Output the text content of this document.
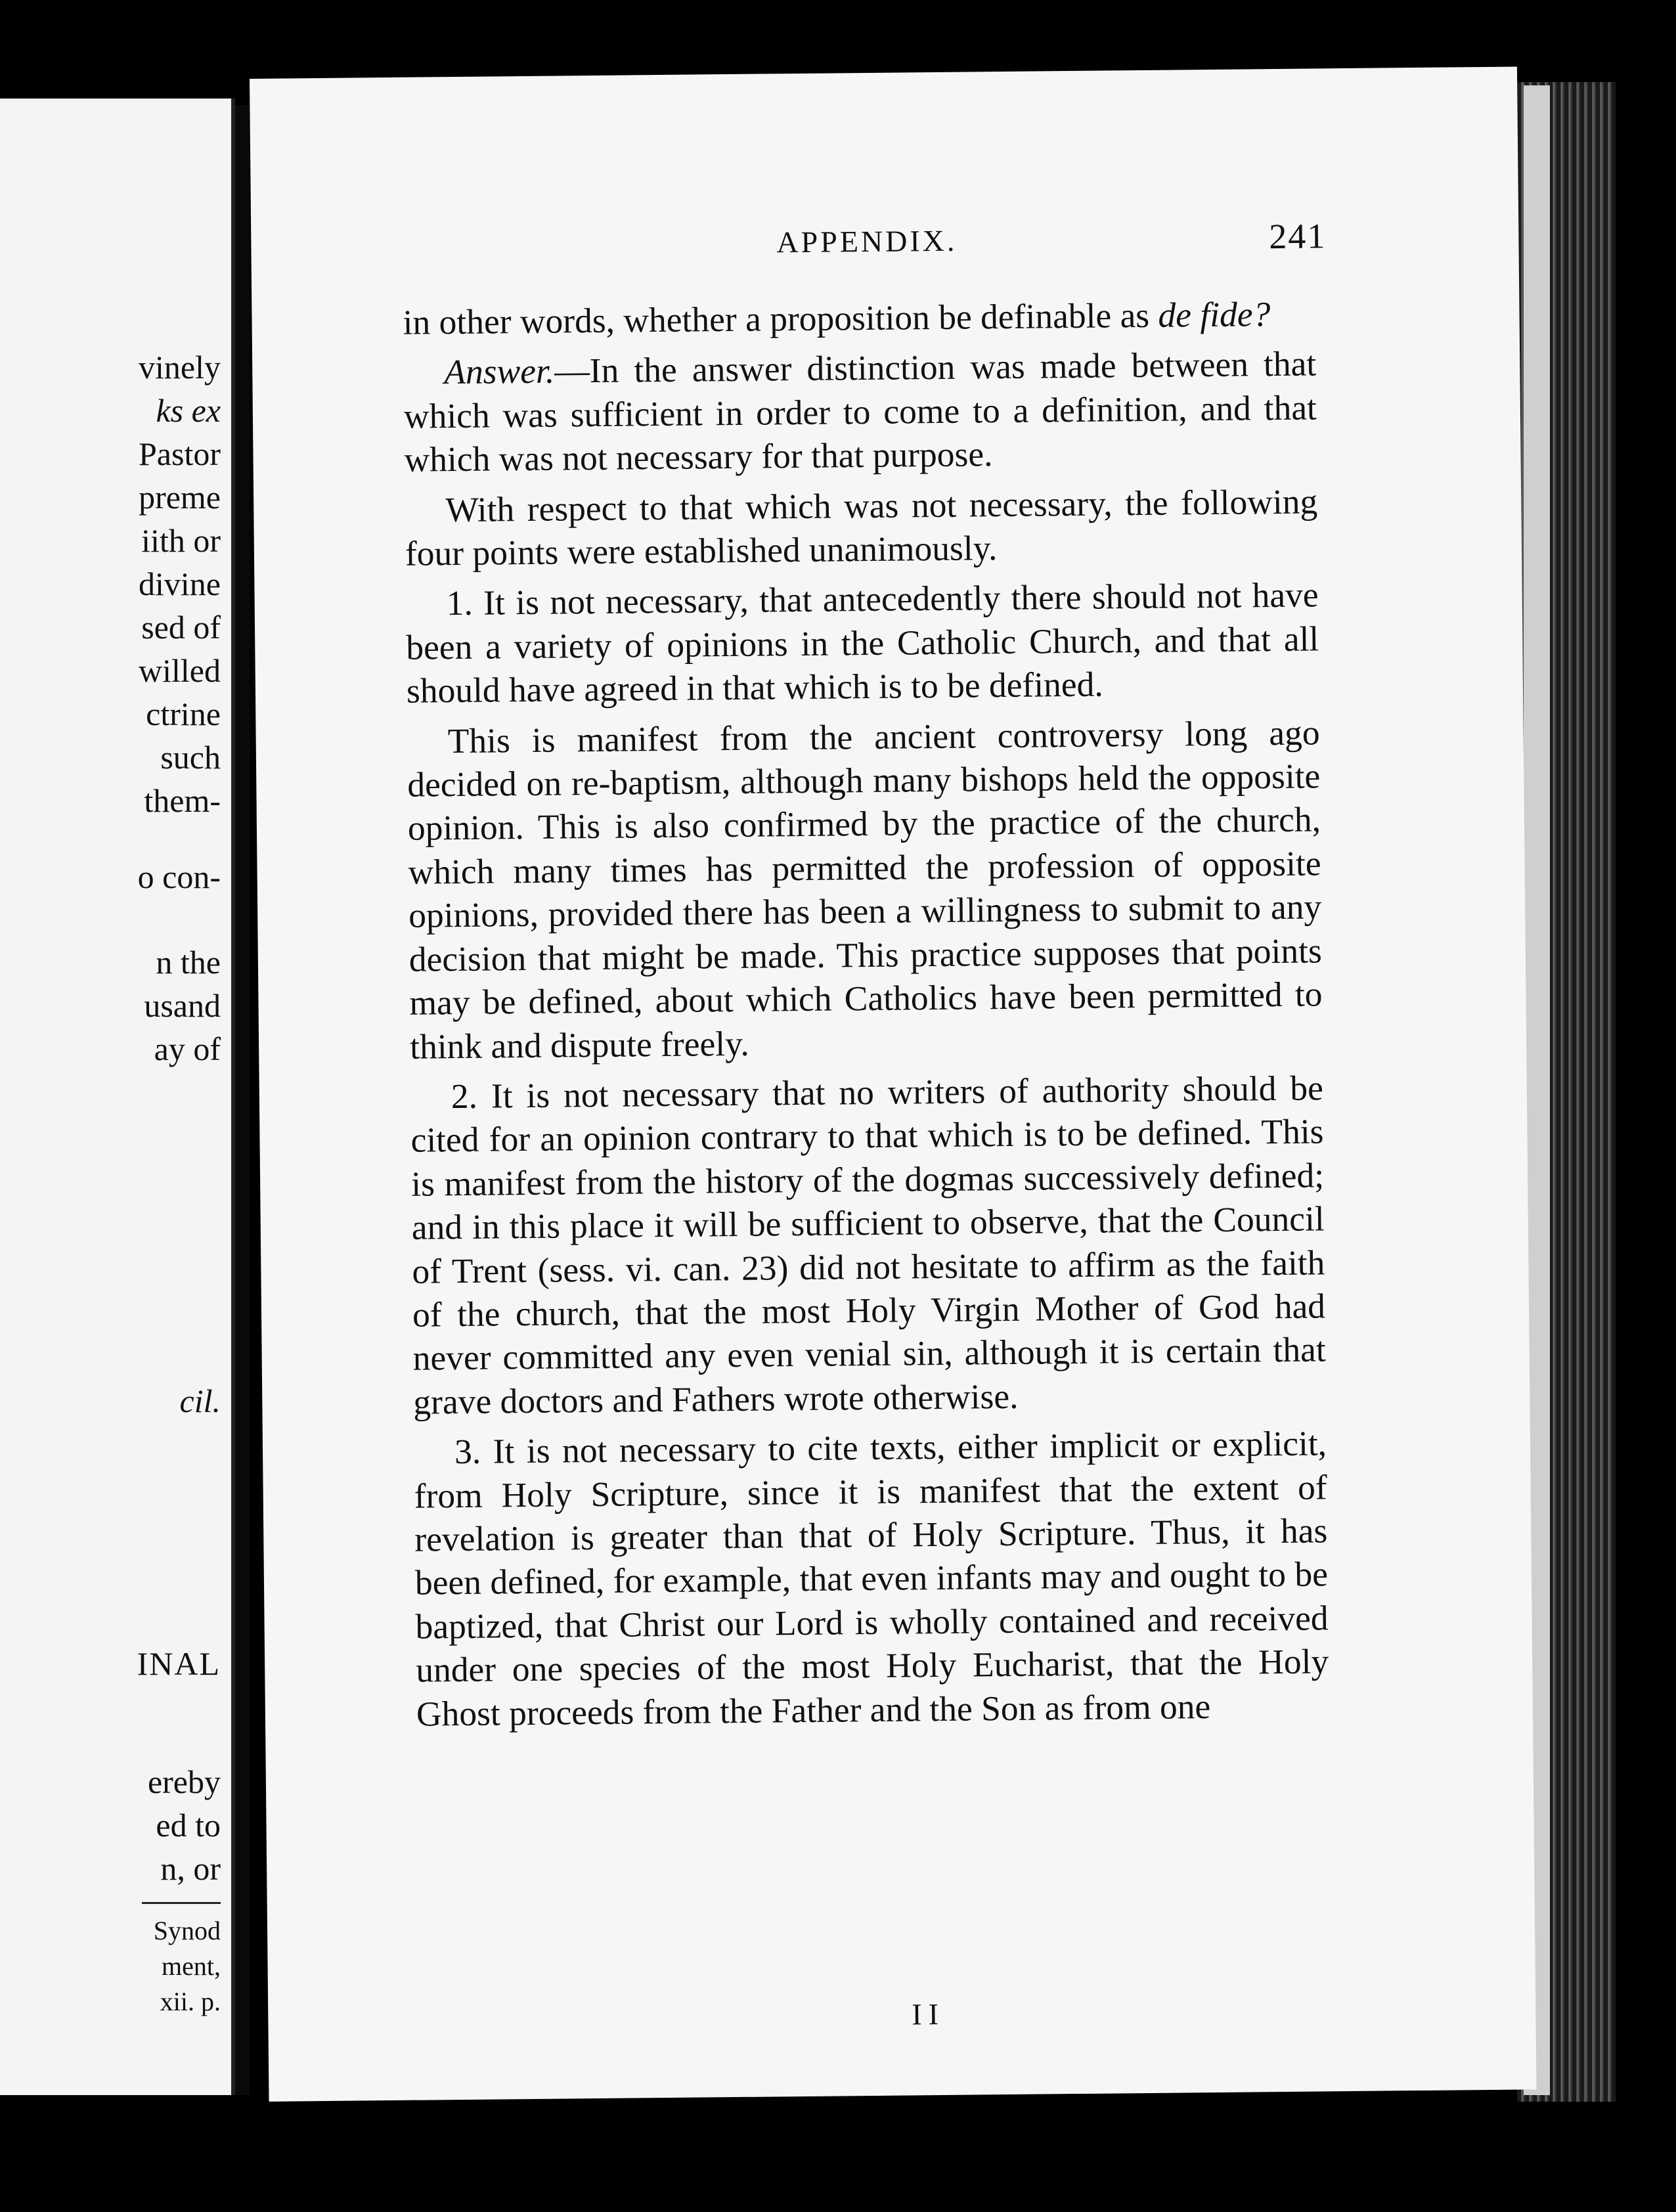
vinely
ks ex
Pastor
preme
iith or
divine
sed of
willed
ctrine
such
them-
o con-
n the
usand
ay of
cil.
INAL
ereby
ed to
n, or
Synod
ment,
xii. p.
APPENDIX.	241

in other words, whether a proposition be definable as de fide?

Answer.—In the answer distinction was made between that which was sufficient in order to come to a definition, and that which was not necessary for that purpose.

With respect to that which was not necessary, the following four points were established unanimously.

1. It is not necessary, that antecedently there should not have been a variety of opinions in the Catholic Church, and that all should have agreed in that which is to be defined.

This is manifest from the ancient controversy long ago decided on re-baptism, although many bishops held the opposite opinion. This is also confirmed by the practice of the church, which many times has permitted the profession of opposite opinions, provided there has been a willingness to submit to any decision that might be made. This practice supposes that points may be defined, about which Catholics have been permitted to think and dispute freely.

2. It is not necessary that no writers of authority should be cited for an opinion contrary to that which is to be defined. This is manifest from the history of the dogmas successively defined; and in this place it will be sufficient to observe, that the Council of Trent (sess. vi. can. 23) did not hesitate to affirm as the faith of the church, that the most Holy Virgin Mother of God had never committed any even venial sin, although it is certain that grave doctors and Fathers wrote otherwise.

3. It is not necessary to cite texts, either implicit or explicit, from Holy Scripture, since it is manifest that the extent of revelation is greater than that of Holy Scripture. Thus, it has been defined, for example, that even infants may and ought to be baptized, that Christ our Lord is wholly contained and received under one species of the most Holy Eucharist, that the Holy Ghost proceeds from the Father and the Son as from one

II
